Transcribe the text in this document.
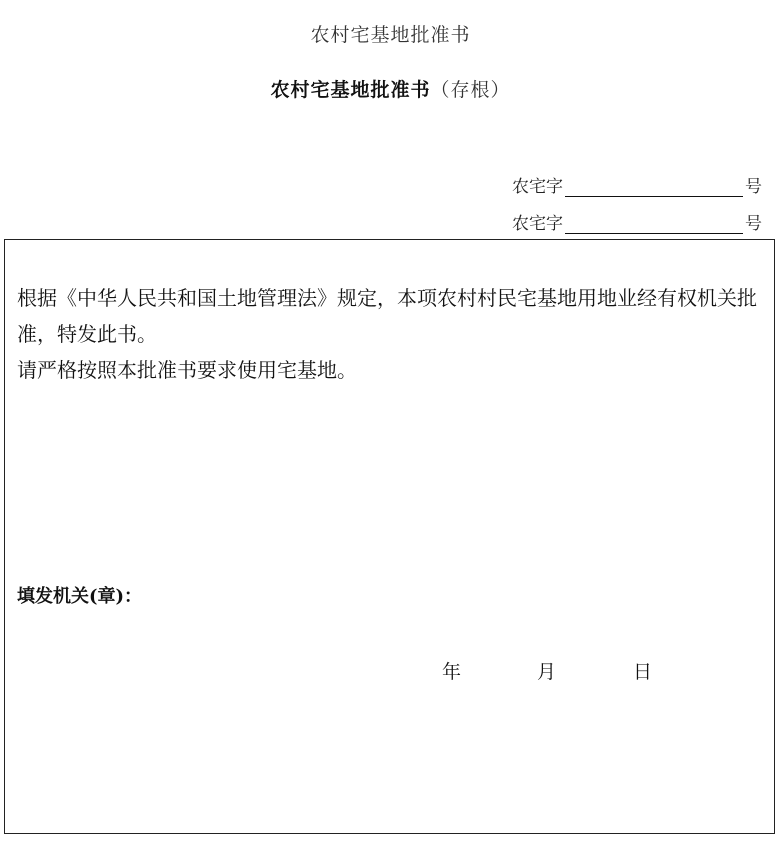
农村宅基地批准书
农村宅基地批准书（存根）
农宅字	号
农宅字	号

根据《中华人民共和国土地管理法》规定，本项农村村民宅基地用地业经有权机关批准，特发此书。

请严格按照本批准书要求使用宅基地。

填发机关(章)：
年	月	日
